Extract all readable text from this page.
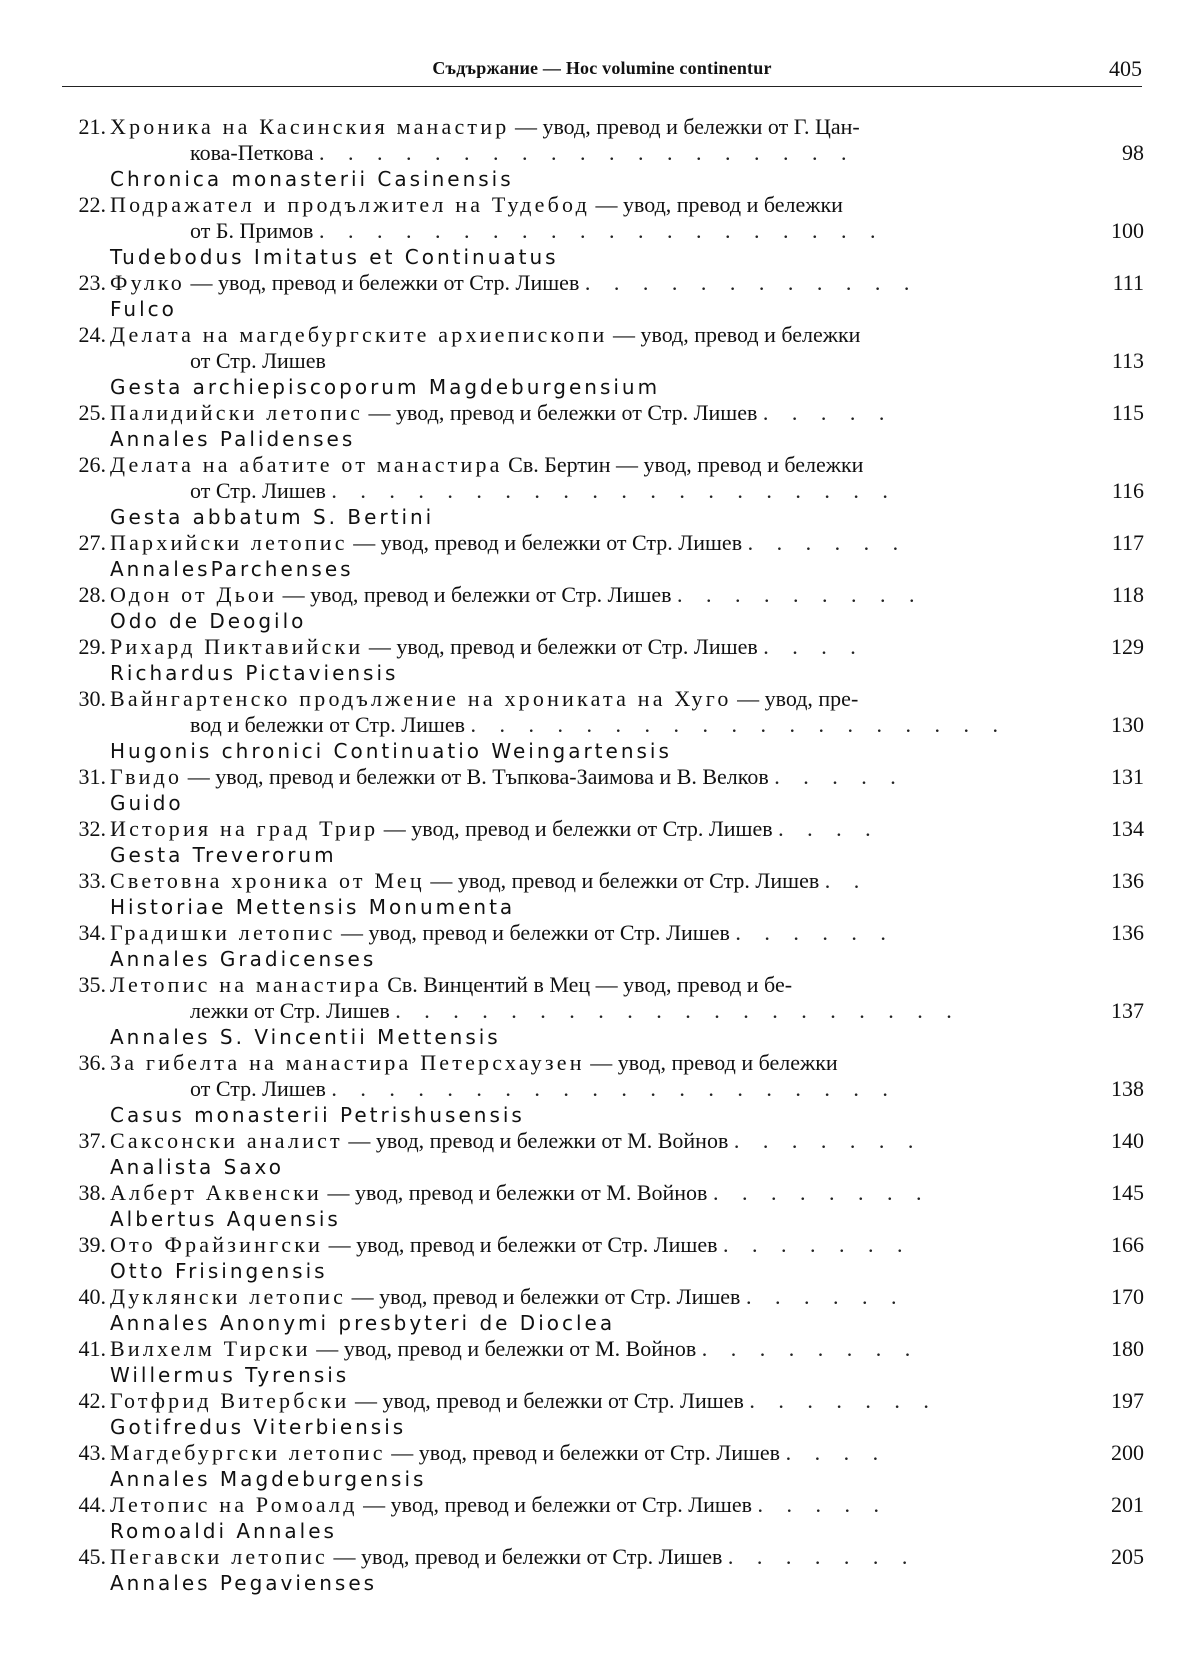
Съдържание — Hoc volumine continentur	405
21. Хроника на Касинския манастир — увод, превод и бележки от Г. Цан-
кова-Петкова . . . . . . . . . . . . . . . . . . .	98
Chronica monasterii Casinensis
22. Подражател и продължител на Тудебод — увод, превод и бележки
от Б. Примов . . . . . . . . . . . . . . . . . . . .	100
Tudebodus Imitatus et Continuatus
23. Фулко — увод, превод и бележки от Стр. Лишев . . . . . . . . . . . .	111
Fulco
24. Делата на магдебургските архиепископи — увод, превод и бележки
от Стр. Лишев	113
Gesta archiepiscoporum Magdeburgensium
25. Палидийски летопис — увод, превод и бележки от Стр. Лишев . . . . .	115
Annales Palidenses
26. Делата на абатите от манастира Св. Бертин — увод, превод и бележки
от Стр. Лишев . . . . . . . . . . . . . . . . . . . .	116
Gesta abbatum S. Bertini
27. Пархийски летопис — увод, превод и бележки от Стр. Лишев . . . . . .	117
AnnalesParchenses
28. Одон от Дьои — увод, превод и бележки от Стр. Лишев . . . . . . . . .	118
Odo de Deogilo
29. Рихард Пиктавийски — увод, превод и бележки от Стр. Лишев . . . .	129
Richardus Pictaviensis
30. Вайнгартенско продължение на хрониката на Хуго — увод, пре-
вод и бележки от Стр. Лишев . . . . . . . . . . . . . . . . . . .	130
Hugonis chronici Continuatio Weingartensis
31. Гвидо — увод, превод и бележки от В. Тъпкова-Заимова и В. Велков . . . . .	131
Guido
32. История на град Трир — увод, превод и бележки от Стр. Лишев . . . .	134
Gesta Treverorum
33. Световна хроника от Мец — увод, превод и бележки от Стр. Лишев . .	136
Historiae Mettensis Monumenta
34. Градишки летопис — увод, превод и бележки от Стр. Лишев . . . . . .	136
Annales Gradicenses
35. Летопис на манастира Св. Винцентий в Мец — увод, превод и бе-
лежки от Стр. Лишев . . . . . . . . . . . . . . . . . . . .	137
Annales S. Vincentii Mettensis
36. За гибелта на манастира Петерсхаузен — увод, превод и бележки
от Стр. Лишев . . . . . . . . . . . . . . . . . . . .	138
Casus monasterii Petrishusensis
37. Саксонски аналист — увод, превод и бележки от М. Войнов . . . . . . .	140
Analista Saxo
38. Алберт Аквенски — увод, превод и бележки от М. Войнов . . . . . . . .	145
Albertus Aquensis
39. Ото Фрайзингски — увод, превод и бележки от Стр. Лишев . . . . . . .	166
Otto Frisingensis
40. Дуклянски летопис — увод, превод и бележки от Стр. Лишев . . . . . .	170
Annales Anonymi presbyteri de Dioclea
41. Вилхелм Тирски — увод, превод и бележки от М. Войнов . . . . . . . .	180
Willermus Tyrensis
42. Готфрид Витербски — увод, превод и бележки от Стр. Лишев . . . . . . .	197
Gotifredus Viterbiensis
43. Магдебургски летопис — увод, превод и бележки от Стр. Лишев . . . .	200
Annales Magdeburgensis
44. Летопис на Ромоалд — увод, превод и бележки от Стр. Лишев . . . . .	201
Romoaldi Annales
45. Пегавски летопис — увод, превод и бележки от Стр. Лишев . . . . . . .	205
Annales Pegavienses
